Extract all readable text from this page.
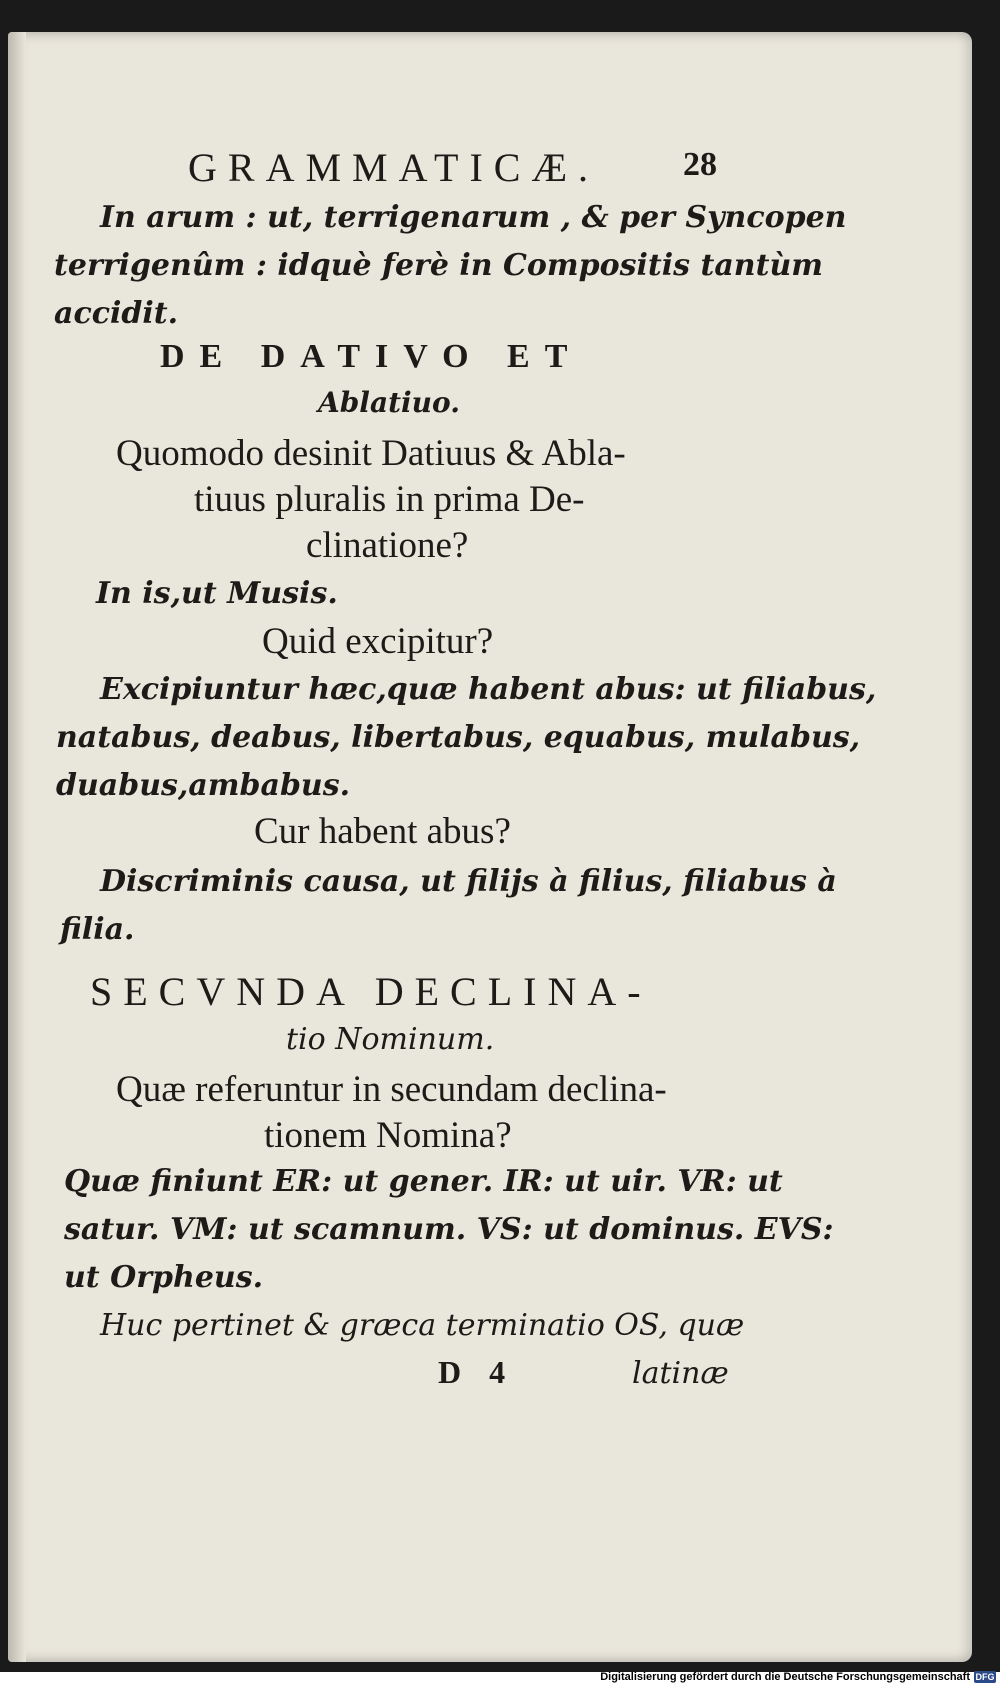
GRAMMATICÆ. 28
In arum : ut, terrigenarum , & per Syncopen
terrigenûm : idquè ferè in Compositis tantùm
accidit.
DE DATIVO ET
Ablatiuo.
Quomodo desinit Datiuus & Abla-
tiuus pluralis in prima De-
clinatione?
In is,ut Musis.
Quid excipitur?
Excipiuntur hæc,quæ habent abus: ut filiabus,
natabus, deabus, libertabus, equabus, mulabus,
duabus,ambabus.
Cur habent abus?
Discriminis causa, ut filijs à filius, filiabus à
filia.
SECVNDA DECLINA-
tio Nominum.
Quæ referuntur in secundam declina-
tionem Nomina?
Quæ finiunt ER: ut gener. IR: ut uir. VR: ut
satur. VM: ut scamnum. VS: ut dominus. EVS:
ut Orpheus.
Huc pertinet & græca terminatio OS, quæ
D 4	latinæ
Digitalisierung gefördert durch die Deutsche Forschungsgemeinschaft DFG
